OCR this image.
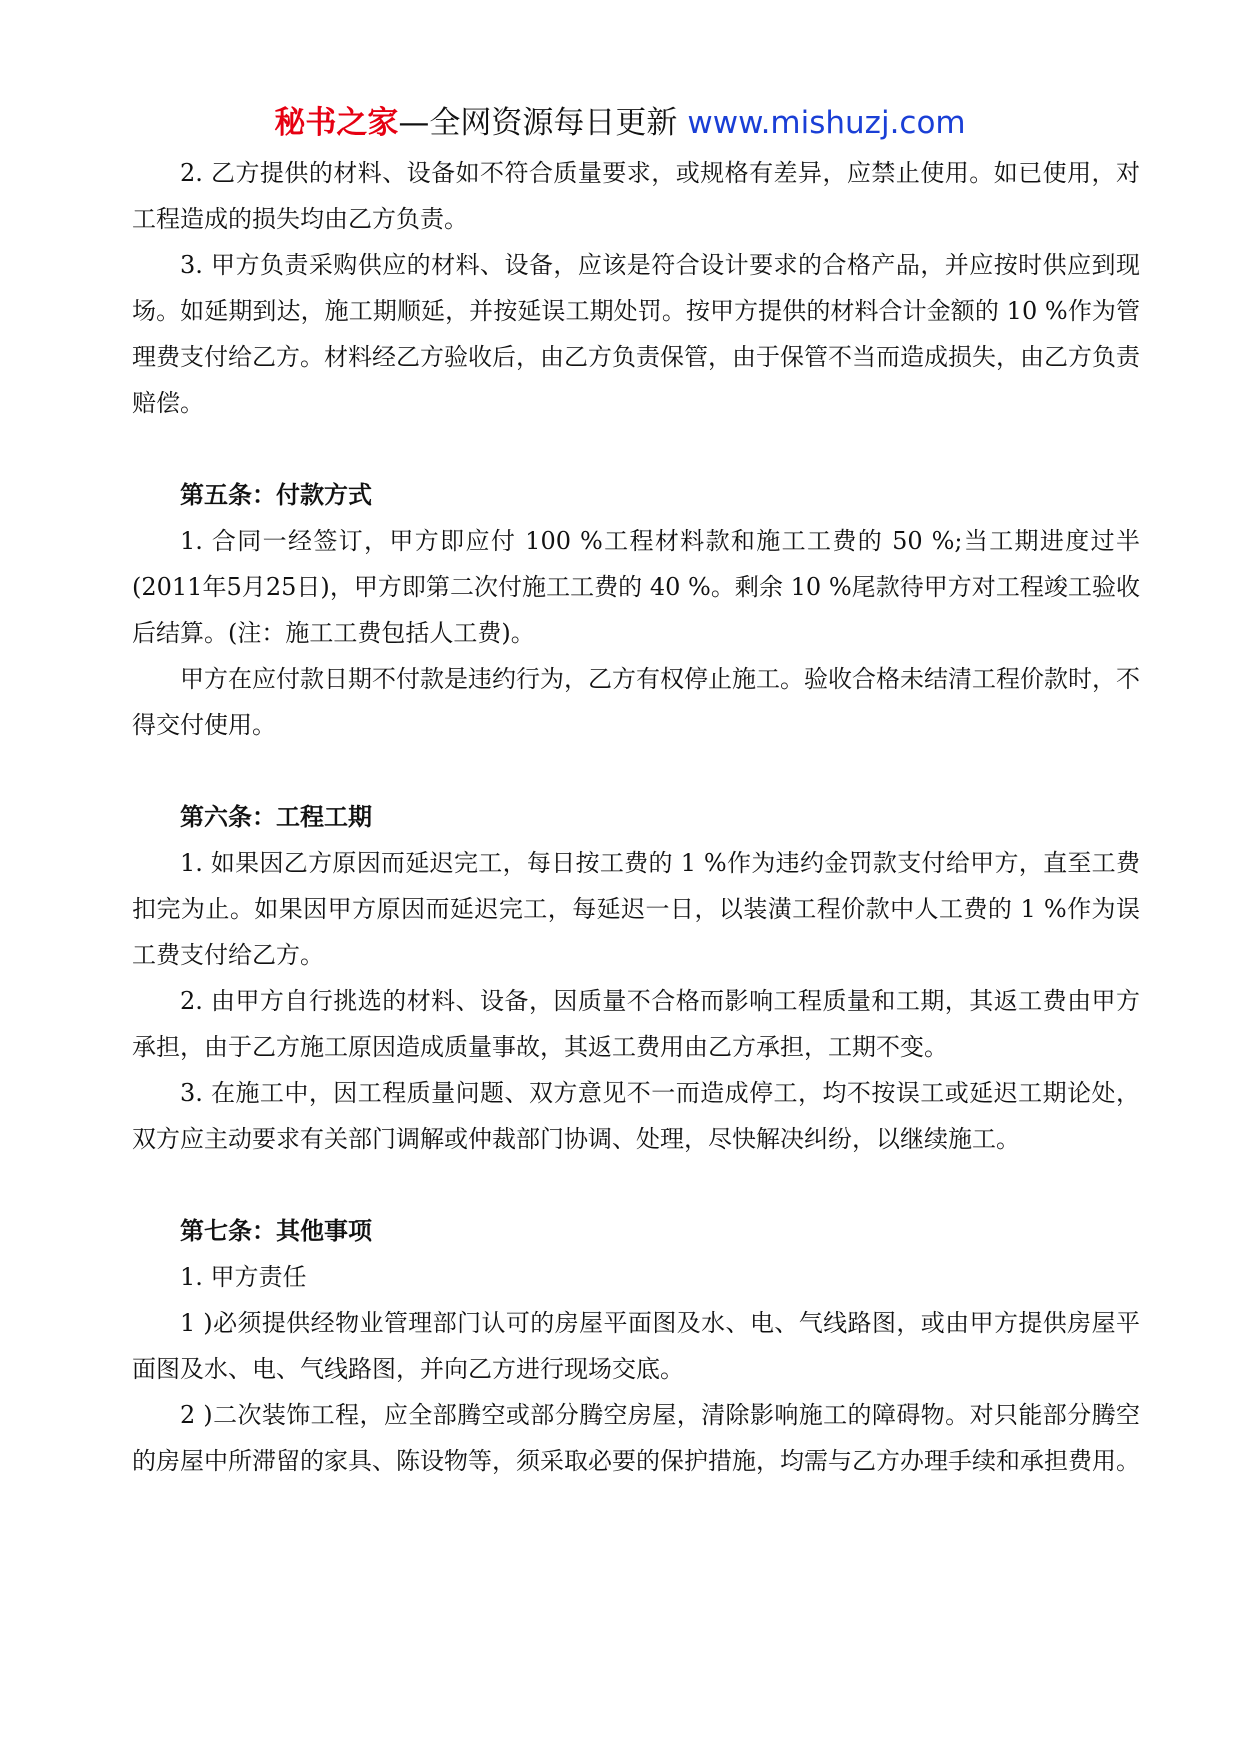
秘书之家—全网资源每日更新 www.mishuzj.com

2. 乙方提供的材料、设备如不符合质量要求，或规格有差异，应禁止使用。如已使用，对工程造成的损失均由乙方负责。

3. 甲方负责采购供应的材料、设备，应该是符合设计要求的合格产品，并应按时供应到现场。如延期到达，施工期顺延，并按延误工期处罚。按甲方提供的材料合计金额的 10 %作为管理费支付给乙方。材料经乙方验收后，由乙方负责保管，由于保管不当而造成损失，由乙方负责赔偿。

第五条：付款方式

1. 合同一经签订，甲方即应付 100 %工程材料款和施工工费的 50 %;当工期进度过半(2011年5月25日)，甲方即第二次付施工工费的 40 %。剩余 10 %尾款待甲方对工程竣工验收后结算。(注：施工工费包括人工费)。

甲方在应付款日期不付款是违约行为，乙方有权停止施工。验收合格未结清工程价款时，不得交付使用。

第六条：工程工期

1. 如果因乙方原因而延迟完工，每日按工费的 1 %作为违约金罚款支付给甲方，直至工费扣完为止。如果因甲方原因而延迟完工，每延迟一日，以装潢工程价款中人工费的 1 %作为误工费支付给乙方。

2. 由甲方自行挑选的材料、设备，因质量不合格而影响工程质量和工期，其返工费由甲方承担，由于乙方施工原因造成质量事故，其返工费用由乙方承担，工期不变。

3. 在施工中，因工程质量问题、双方意见不一而造成停工，均不按误工或延迟工期论处，双方应主动要求有关部门调解或仲裁部门协调、处理，尽快解决纠纷，以继续施工。

第七条：其他事项

1. 甲方责任

1 )必须提供经物业管理部门认可的房屋平面图及水、电、气线路图，或由甲方提供房屋平面图及水、电、气线路图，并向乙方进行现场交底。

2 )二次装饰工程，应全部腾空或部分腾空房屋，清除影响施工的障碍物。对只能部分腾空的房屋中所滞留的家具、陈设物等，须采取必要的保护措施，均需与乙方办理手续和承担费用。
